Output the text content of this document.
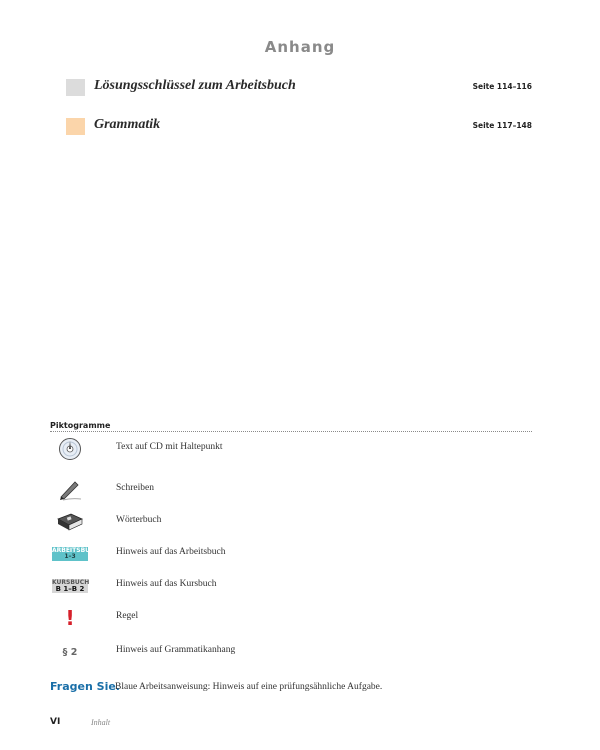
Anhang
Lösungsschlüssel zum Arbeitsbuch	Seite 114–116
Grammatik	Seite 117–148
Piktogramme
Text auf CD mit Haltepunkt
Schreiben
Wörterbuch
ARBEITSBUCH
1–3	Hinweis auf das Arbeitsbuch
KURSBUCH
B 1–B 2	Hinweis auf das Kursbuch
!	Regel
§ 2	Hinweis auf Grammatikanhang
Fragen Sie.
Blaue Arbeitsanweisung: Hinweis auf eine prüfungsähnliche Aufgabe.
VI	Inhalt
